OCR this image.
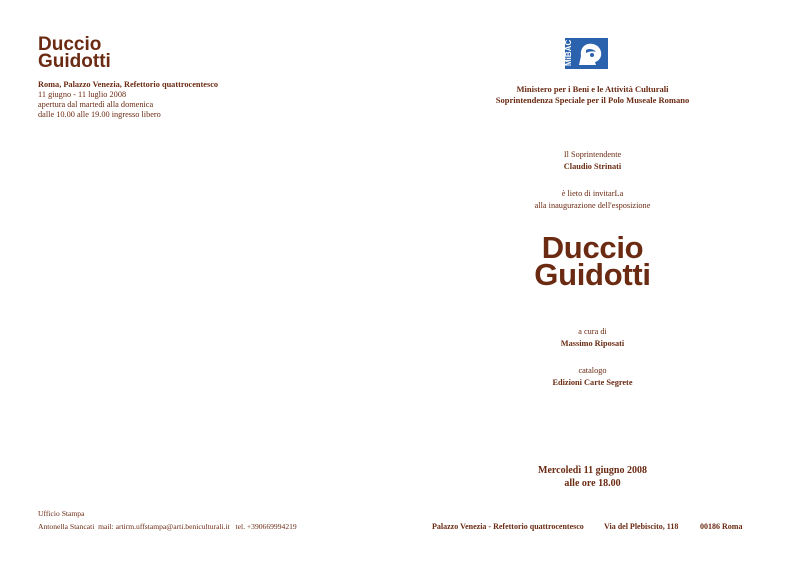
Duccio
Guidotti
Roma, Palazzo Venezia, Refettorio quattrocentesco
11 giugno - 11 luglio 2008
apertura dal martedì alla domenica
dalle 10.00 alle 19.00 ingresso libero
Ufficio Stampa
Antonella Stancati  mail: artirm.uffstampa@arti.beniculturali.it   tel. +390669994219
MiBAC
Ministero per i Beni e le Attività Culturali
Soprintendenza Speciale per il Polo Museale Romano
Il Soprintendente
Claudio Strinati
è lieto di invitarLa
alla inaugurazione dell'esposizione
Duccio
Guidotti
a cura di
Massimo Riposati
catalogo
Edizioni Carte Segrete
Mercoledì 11 giugno 2008
alle ore 18.00
Palazzo Venezia - Refettorio quattrocentesco	Via del Plebiscito, 118	00186 Roma
